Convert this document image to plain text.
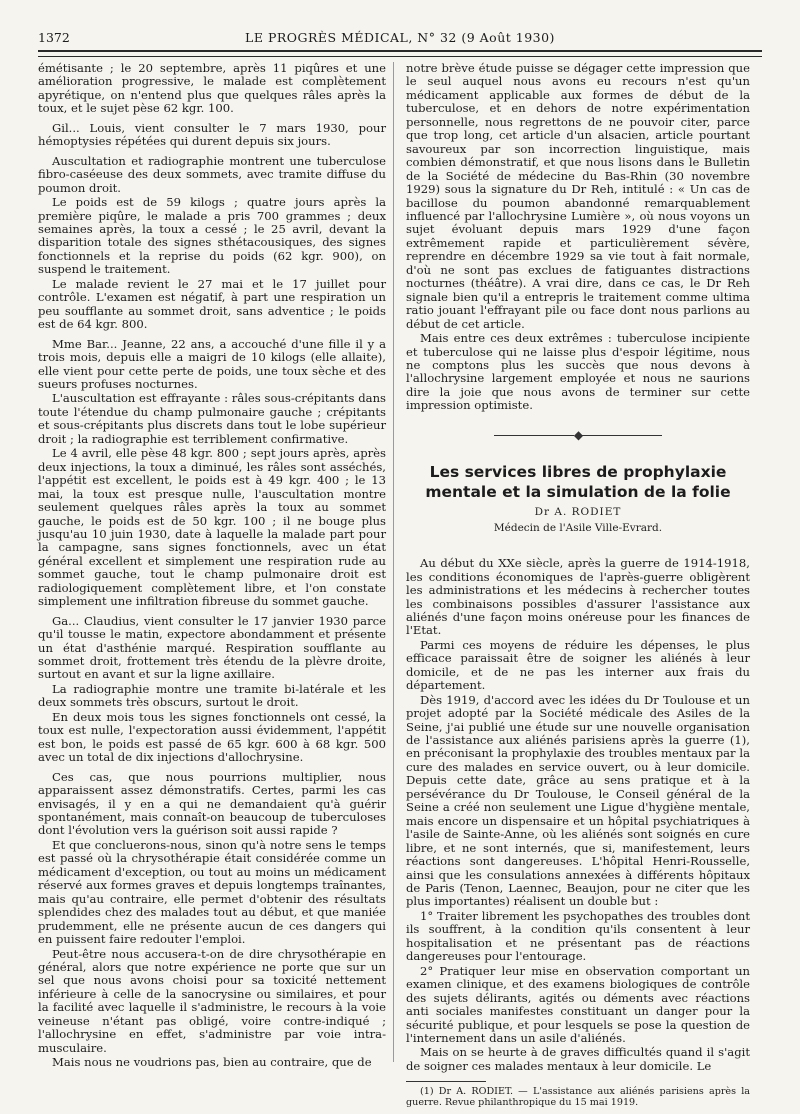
1372	LE PROGRÈS MÉDICAL, N° 32 (9 Août 1930)

émétisante ; le 20 septembre, après 11 piqûres et une amélioration progressive, le malade est complètement apyrétique, on n'entend plus que quelques râles après la toux, et le sujet pèse 62 kgr. 100.

Gil... Louis, vient consulter le 7 mars 1930, pour hémoptysies répétées qui durent depuis six jours.

Auscultation et radiographie montrent une tuberculose fibro-caséeuse des deux sommets, avec tramite diffuse du poumon droit.

Le poids est de 59 kilogs ; quatre jours après la première piqûre, le malade a pris 700 grammes ; deux semaines après, la toux a cessé ; le 25 avril, devant la disparition totale des signes sthétacousiques, des signes fonctionnels et la reprise du poids (62 kgr. 900), on suspend le traitement.

Le malade revient le 27 mai et le 17 juillet pour contrôle. L'examen est négatif, à part une respiration un peu soufflante au sommet droit, sans adventice ; le poids est de 64 kgr. 800.

Mme Bar... Jeanne, 22 ans, a accouché d'une fille il y a trois mois, depuis elle a maigri de 10 kilogs (elle allaite), elle vient pour cette perte de poids, une toux sèche et des sueurs profuses nocturnes.

L'auscultation est effrayante : râles sous-crépitants dans toute l'étendue du champ pulmonaire gauche ; crépitants et sous-crépitants plus discrets dans tout le lobe supérieur droit ; la radiographie est terriblement confirmative.

Le 4 avril, elle pèse 48 kgr. 800 ; sept jours après, après deux injections, la toux a diminué, les râles sont asséchés, l'appétit est excellent, le poids est à 49 kgr. 400 ; le 13 mai, la toux est presque nulle, l'auscultation montre seulement quelques râles après la toux au sommet gauche, le poids est de 50 kgr. 100 ; il ne bouge plus jusqu'au 10 juin 1930, date à laquelle la malade part pour la campagne, sans signes fonctionnels, avec un état général excellent et simplement une respiration rude au sommet gauche, tout le champ pulmonaire droit est radiologiquement complètement libre, et l'on constate simplement une infiltration fibreuse du sommet gauche.

Ga... Claudius, vient consulter le 17 janvier 1930 parce qu'il tousse le matin, expectore abondamment et présente un état d'asthénie marqué. Respiration soufflante au sommet droit, frottement très étendu de la plèvre droite, surtout en avant et sur la ligne axillaire.

La radiographie montre une tramite bi-latérale et les deux sommets très obscurs, surtout le droit.

En deux mois tous les signes fonctionnels ont cessé, la toux est nulle, l'expectoration aussi évidemment, l'appétit est bon, le poids est passé de 65 kgr. 600 à 68 kgr. 500 avec un total de dix injections d'allochrysine.

Ces cas, que nous pourrions multiplier, nous apparaissent assez démonstratifs. Certes, parmi les cas envisagés, il y en a qui ne demandaient qu'à guérir spontanément, mais connaît-on beaucoup de tuberculoses dont l'évolution vers la guérison soit aussi rapide ?

Et que concluerons-nous, sinon qu'à notre sens le temps est passé où la chrysothérapie était considérée comme un médicament d'exception, ou tout au moins un médicament réservé aux formes graves et depuis longtemps traînantes, mais qu'au contraire, elle permet d'obtenir des résultats splendides chez des malades tout au début, et que maniée prudemment, elle ne présente aucun de ces dangers qui en puissent faire redouter l'emploi.

Peut-être nous accusera-t-on de dire chrysothérapie en général, alors que notre expérience ne porte que sur un sel que nous avons choisi pour sa toxicité nettement inférieure à celle de la sanocrysine ou similaires, et pour la facilité avec laquelle il s'administre, le recours à la voie veineuse n'étant pas obligé, voire contre-indiqué ; l'allochrysine en effet, s'administre par voie intra-musculaire.

Mais nous ne voudrions pas, bien au contraire, que de

notre brève étude puisse se dégager cette impression que le seul auquel nous avons eu recours n'est qu'un médicament applicable aux formes de début de la tuberculose, et en dehors de notre expérimentation personnelle, nous regrettons de ne pouvoir citer, parce que trop long, cet article d'un alsacien, article pourtant savoureux par son incorrection linguistique, mais combien démonstratif, et que nous lisons dans le Bulletin de la Société de médecine du Bas-Rhin (30 novembre 1929) sous la signature du Dr Reh, intitulé : « Un cas de bacillose du poumon abandonné remarquablement influencé par l'allochrysine Lumière », où nous voyons un sujet évoluant depuis mars 1929 d'une façon extrêmement rapide et particulièrement sévère, reprendre en décembre 1929 sa vie tout à fait normale, d'où ne sont pas exclues de fatiguantes distractions nocturnes (théâtre). A vrai dire, dans ce cas, le Dr Reh signale bien qu'il a entrepris le traitement comme ultima ratio jouant l'effrayant pile ou face dont nous parlions au début de cet article.

Mais entre ces deux extrêmes : tuberculose incipiente et tuberculose qui ne laisse plus d'espoir légitime, nous ne comptons plus les succès que nous devons à l'allochrysine largement employée et nous ne saurions dire la joie que nous avons de terminer sur cette impression optimiste.

◆
Les services libres de prophylaxie mentale et la simulation de la folie
Dr A. RODIET
Médecin de l'Asile Ville-Evrard.

Au début du XXe siècle, après la guerre de 1914-1918, les conditions économiques de l'après-guerre obligèrent les administrations et les médecins à rechercher toutes les combinaisons possibles d'assurer l'assistance aux aliénés d'une façon moins onéreuse pour les finances de l'Etat.

Parmi ces moyens de réduire les dépenses, le plus efficace paraissait être de soigner les aliénés à leur domicile, et de ne pas les interner aux frais du département.

Dès 1919, d'accord avec les idées du Dr Toulouse et un projet adopté par la Société médicale des Asiles de la Seine, j'ai publié une étude sur une nouvelle organisation de l'assistance aux aliénés parisiens après la guerre (1), en préconisant la prophylaxie des troubles mentaux par la cure des malades en service ouvert, ou à leur domicile. Depuis cette date, grâce au sens pratique et à la persévérance du Dr Toulouse, le Conseil général de la Seine a créé non seulement une Ligue d'hygiène mentale, mais encore un dispensaire et un hôpital psychiatriques à l'asile de Sainte-Anne, où les aliénés sont soignés en cure libre, et ne sont internés, que si, manifestement, leurs réactions sont dangereuses. L'hôpital Henri-Rousselle, ainsi que les consulations annexées à différents hôpitaux de Paris (Tenon, Laennec, Beaujon, pour ne citer que les plus importantes) réalisent un double but :

1° Traiter librement les psychopathes des troubles dont ils souffrent, à la condition qu'ils consentent à leur hospitalisation et ne présentant pas de réactions dangereuses pour l'entourage.

2° Pratiquer leur mise en observation comportant un examen clinique, et des examens biologiques de contrôle des sujets délirants, agités ou déments avec réactions anti sociales manifestes constituant un danger pour la sécurité publique, et pour lesquels se pose la question de l'internement dans un asile d'aliénés.

Mais on se heurte à de graves difficultés quand il s'agit de soigner ces malades mentaux à leur domicile. Le

(1) Dr A. RODIET. — L'assistance aux aliénés parisiens après la guerre. Revue philanthropique du 15 mai 1919.
